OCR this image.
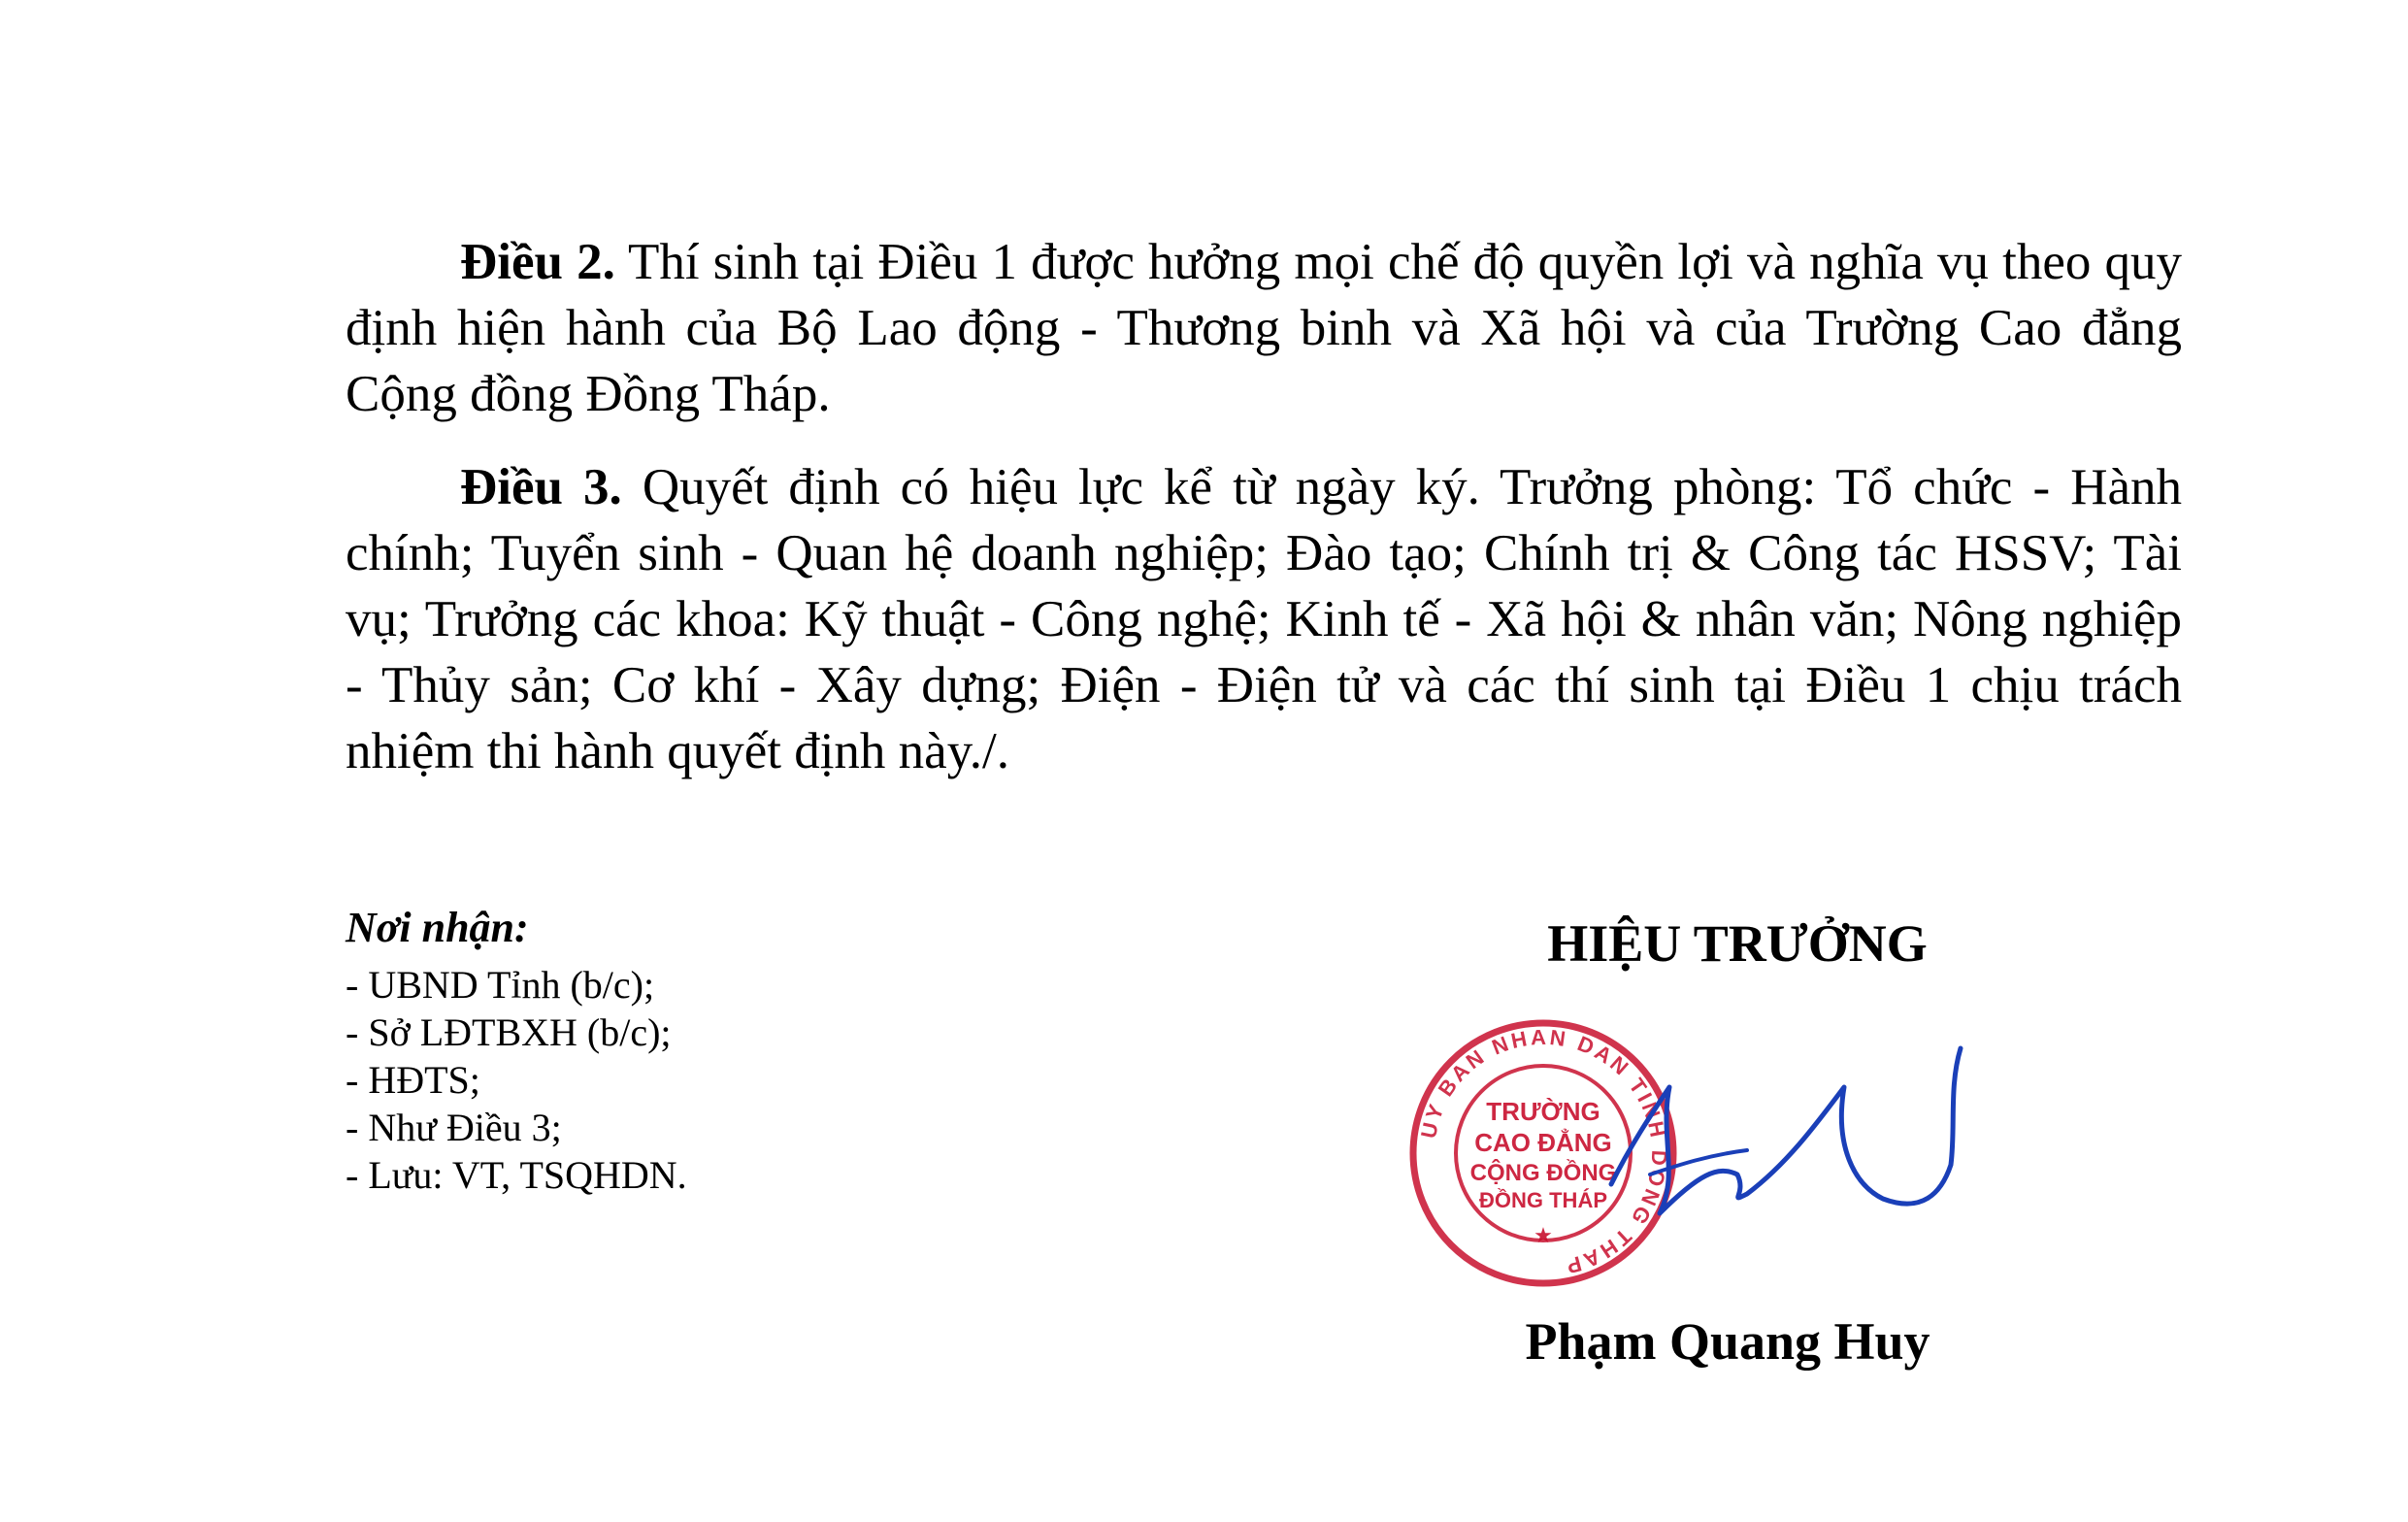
Điều 2. Thí sinh tại Điều 1 được hưởng mọi chế độ quyền lợi và nghĩa vụ theo quy định hiện hành của Bộ Lao động - Thương binh và Xã hội và của Trường Cao đẳng Cộng đồng Đồng Tháp.

Điều 3. Quyết định có hiệu lực kể từ ngày ký. Trưởng phòng: Tổ chức - Hành chính; Tuyển sinh - Quan hệ doanh nghiệp; Đào tạo; Chính trị & Công tác HSSV; Tài vụ; Trưởng các khoa: Kỹ thuật - Công nghệ; Kinh tế - Xã hội & nhân văn; Nông nghiệp - Thủy sản; Cơ khí - Xây dựng; Điện - Điện tử và các thí sinh tại Điều 1 chịu trách nhiệm thi hành quyết định này./.

Nơi nhận:

- UBND Tỉnh (b/c);
- Sở LĐTBXH (b/c);
- HĐTS;
- Như Điều 3;
- Lưu: VT, TSQHDN.

HIỆU TRƯỞNG

UY BAN NHAN DAN TINH DONG THAP
★
TRƯỜNG
CAO ĐẲNG
CỘNG ĐỒNG
ĐỒNG THÁP

Phạm Quang Huy
